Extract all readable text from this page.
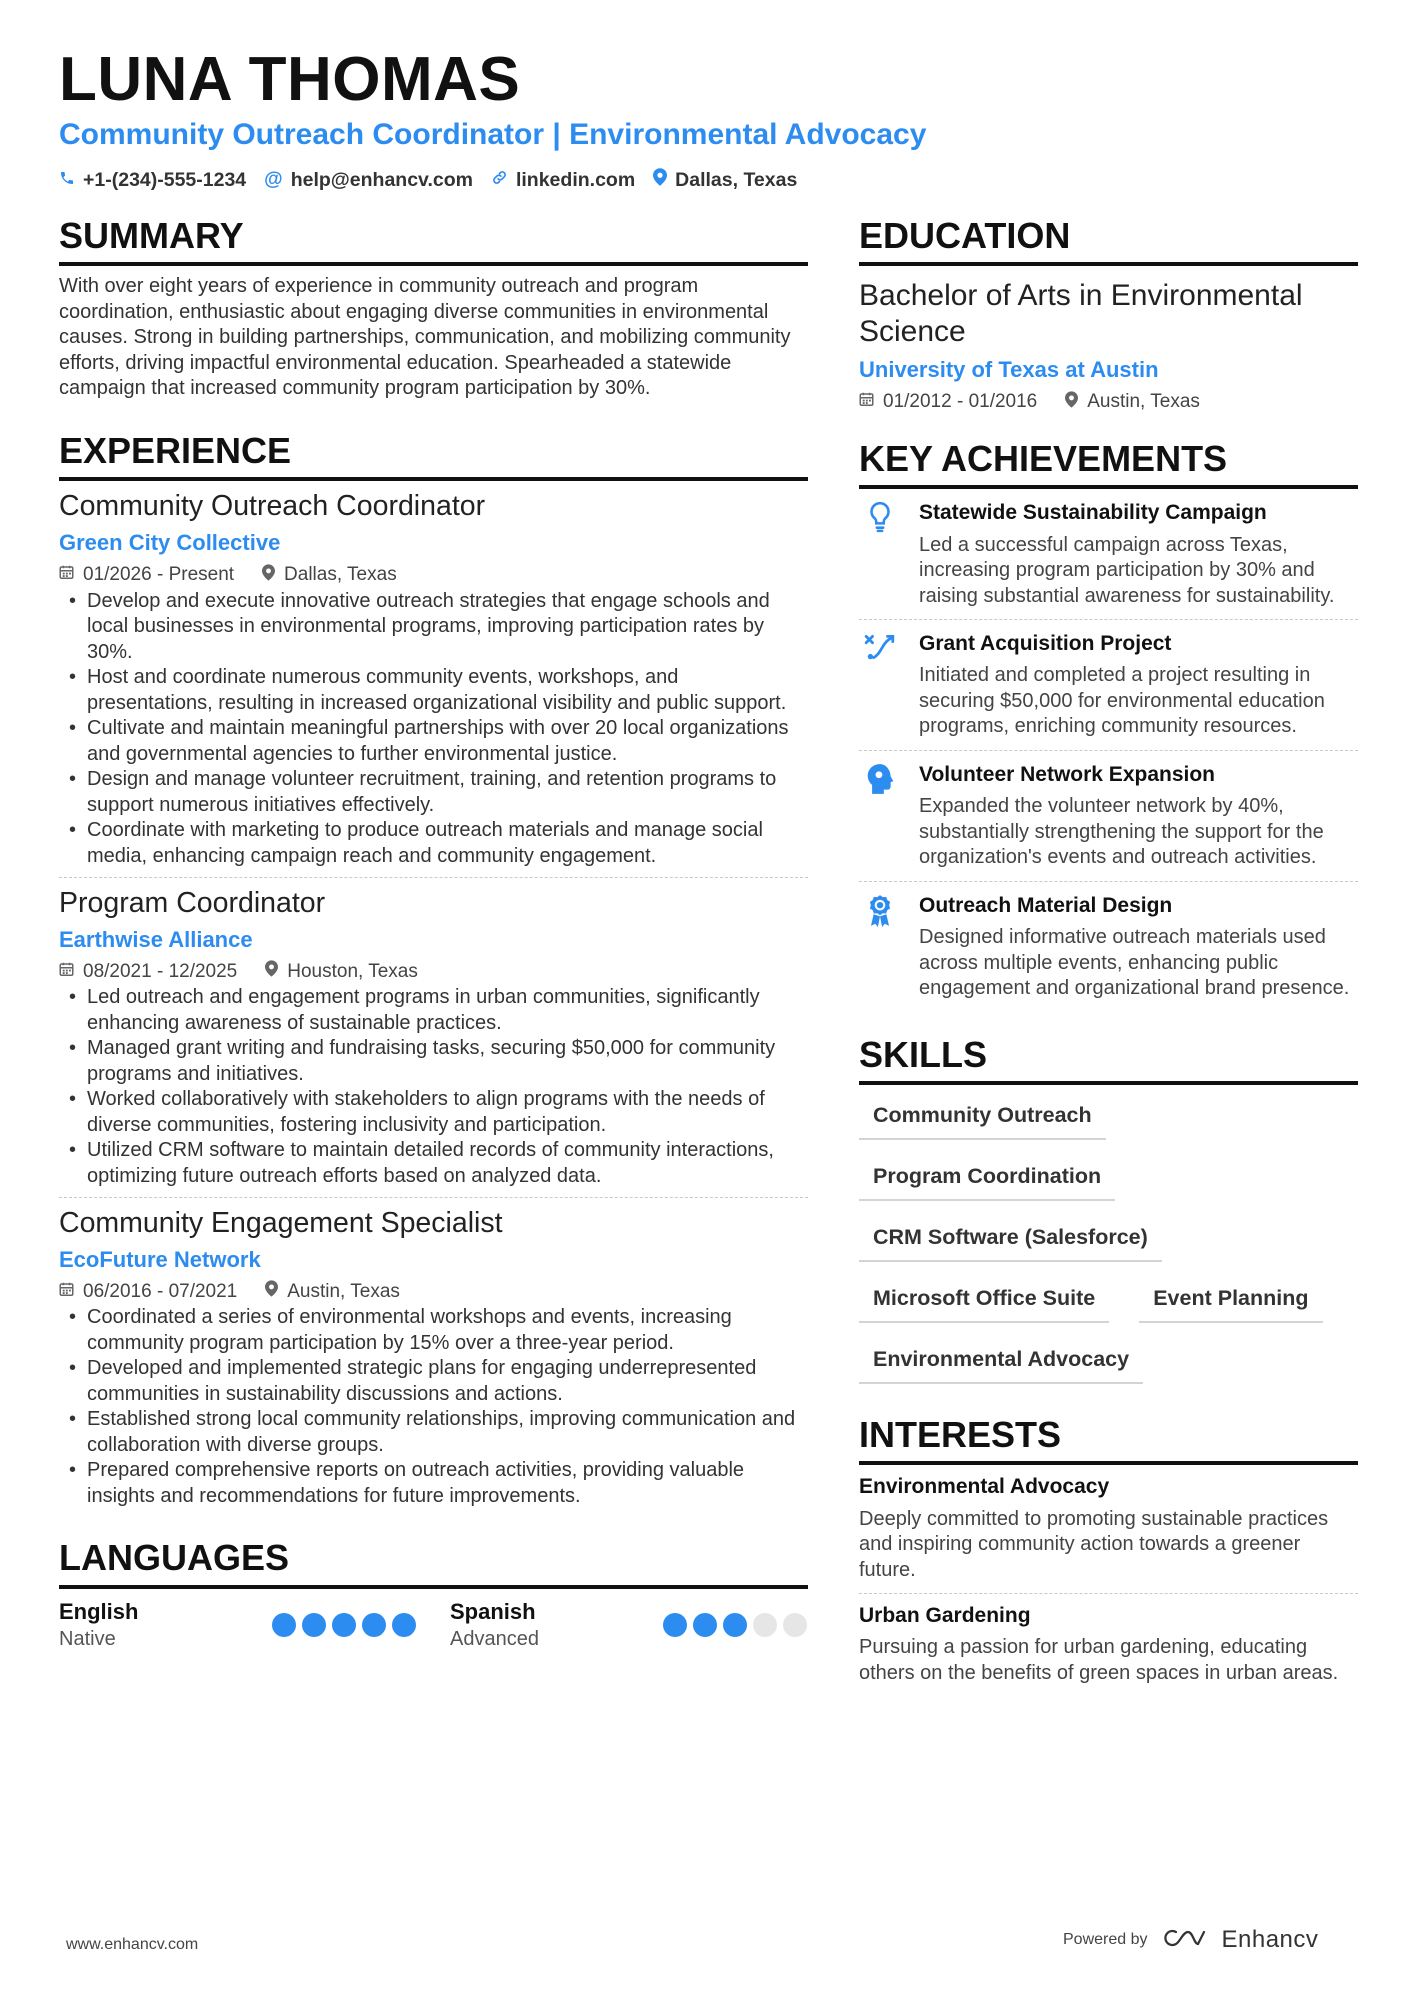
LUNA THOMAS
Community Outreach Coordinator | Environmental Advocacy
+1-(234)-555-1234 @ help@enhancv.com linkedin.com Dallas, Texas
SUMMARY

With over eight years of experience in community outreach and program coordination, enthusiastic about engaging diverse communities in environmental causes. Strong in building partnerships, communication, and mobilizing community efforts, driving impactful environmental education. Spearheaded a statewide campaign that increased community program participation by 30%.

EXPERIENCE
Community Outreach Coordinator
Green City Collective
01/2026 - Present	Dallas, Texas
• Develop and execute innovative outreach strategies that engage schools and local businesses in environmental programs, improving participation rates by 30%.
• Host and coordinate numerous community events, workshops, and presentations, resulting in increased organizational visibility and public support.
• Cultivate and maintain meaningful partnerships with over 20 local organizations and governmental agencies to further environmental justice.
• Design and manage volunteer recruitment, training, and retention programs to support numerous initiatives effectively.
• Coordinate with marketing to produce outreach materials and manage social media, enhancing campaign reach and community engagement.
Program Coordinator
Earthwise Alliance
08/2021 - 12/2025	Houston, Texas
• Led outreach and engagement programs in urban communities, significantly enhancing awareness of sustainable practices.
• Managed grant writing and fundraising tasks, securing $50,000 for community programs and initiatives.
• Worked collaboratively with stakeholders to align programs with the needs of diverse communities, fostering inclusivity and participation.
• Utilized CRM software to maintain detailed records of community interactions, optimizing future outreach efforts based on analyzed data.
Community Engagement Specialist
EcoFuture Network
06/2016 - 07/2021	Austin, Texas
• Coordinated a series of environmental workshops and events, increasing community program participation by 15% over a three-year period.
• Developed and implemented strategic plans for engaging underrepresented communities in sustainability discussions and actions.
• Established strong local community relationships, improving communication and collaboration with diverse groups.
• Prepared comprehensive reports on outreach activities, providing valuable insights and recommendations for future improvements.
LANGUAGES
English
Native
Spanish
Advanced
EDUCATION
Bachelor of Arts in Environmental Science
University of Texas at Austin
01/2012 - 01/2016	Austin, Texas
KEY ACHIEVEMENTS
Statewide Sustainability Campaign
Led a successful campaign across Texas, increasing program participation by 30% and raising substantial awareness for sustainability.
Grant Acquisition Project
Initiated and completed a project resulting in securing $50,000 for environmental education programs, enriching community resources.
Volunteer Network Expansion
Expanded the volunteer network by 40%, substantially strengthening the support for the organization's events and outreach activities.
Outreach Material Design
Designed informative outreach materials used across multiple events, enhancing public engagement and organizational brand presence.
SKILLS
Community Outreach
Program Coordination
CRM Software (Salesforce)
Microsoft Office Suite	Event Planning
Environmental Advocacy
INTERESTS
Environmental Advocacy
Deeply committed to promoting sustainable practices and inspiring community action towards a greener future.
Urban Gardening
Pursuing a passion for urban gardening, educating others on the benefits of green spaces in urban areas.
www.enhancv.com	Powered by	Enhancv
